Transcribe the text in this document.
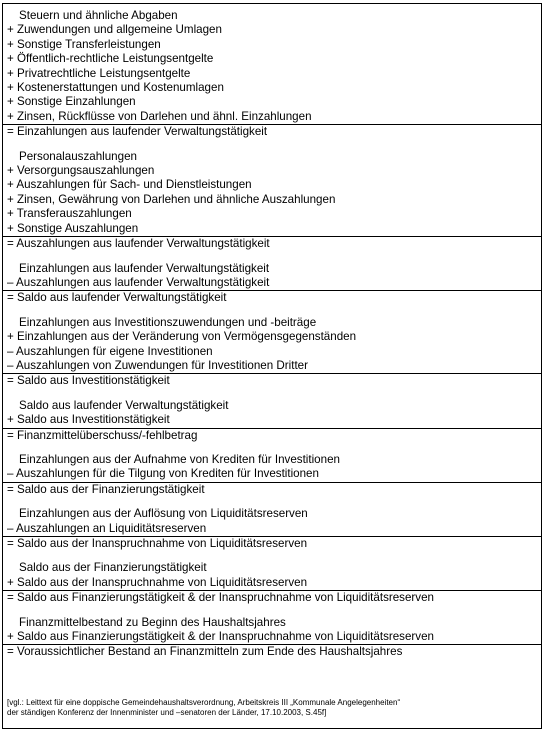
Steuern und ähnliche Abgaben
+ Zuwendungen und allgemeine Umlagen
+ Sonstige Transferleistungen
+ Öffentlich-rechtliche Leistungsentgelte
+ Privatrechtliche Leistungsentgelte
+ Kostenerstattungen und Kostenumlagen
+ Sonstige Einzahlungen
+ Zinsen, Rückflüsse von Darlehen und ähnl. Einzahlungen
= Einzahlungen aus laufender Verwaltungstätigkeit
Personalauszahlungen
+ Versorgungsauszahlungen
+ Auszahlungen für Sach- und Dienstleistungen
+ Zinsen, Gewährung von Darlehen und ähnliche Auszahlungen
+ Transferauszahlungen
+ Sonstige Auszahlungen
= Auszahlungen aus laufender Verwaltungstätigkeit
Einzahlungen aus laufender Verwaltungstätigkeit
– Auszahlungen aus laufender Verwaltungstätigkeit
= Saldo aus laufender Verwaltungstätigkeit
Einzahlungen aus Investitionszuwendungen und -beiträge
+ Einzahlungen aus der Veränderung von Vermögensgegenständen
– Auszahlungen für eigene Investitionen
– Auszahlungen von Zuwendungen für Investitionen Dritter
= Saldo aus Investitionstätigkeit
Saldo aus laufender Verwaltungstätigkeit
+ Saldo aus Investitionstätigkeit
= Finanzmittelüberschuss/-fehlbetrag
Einzahlungen aus der Aufnahme von Krediten für Investitionen
– Auszahlungen für die Tilgung von Krediten für Investitionen
= Saldo aus der Finanzierungstätigkeit
Einzahlungen aus der Auflösung von Liquiditätsreserven
– Auszahlungen an Liquiditätsreserven
= Saldo aus der Inanspruchnahme von Liquiditätsreserven
Saldo aus der Finanzierungstätigkeit
+ Saldo aus der Inanspruchnahme von Liquiditätsreserven
= Saldo aus Finanzierungstätigkeit & der Inanspruchnahme von Liquiditätsreserven
Finanzmittelbestand zu Beginn des Haushaltsjahres
+ Saldo aus Finanzierungstätigkeit & der Inanspruchnahme von Liquiditätsreserven
= Voraussichtlicher Bestand an Finanzmitteln zum Ende des Haushaltsjahres
[vgl.: Leittext für eine doppische Gemeindehaushaltsverordnung, Arbeitskreis III „Kommunale Angelegenheiten“
der ständigen Konferenz der Innenminister und –senatoren der Länder, 17.10.2003, S.45f]
